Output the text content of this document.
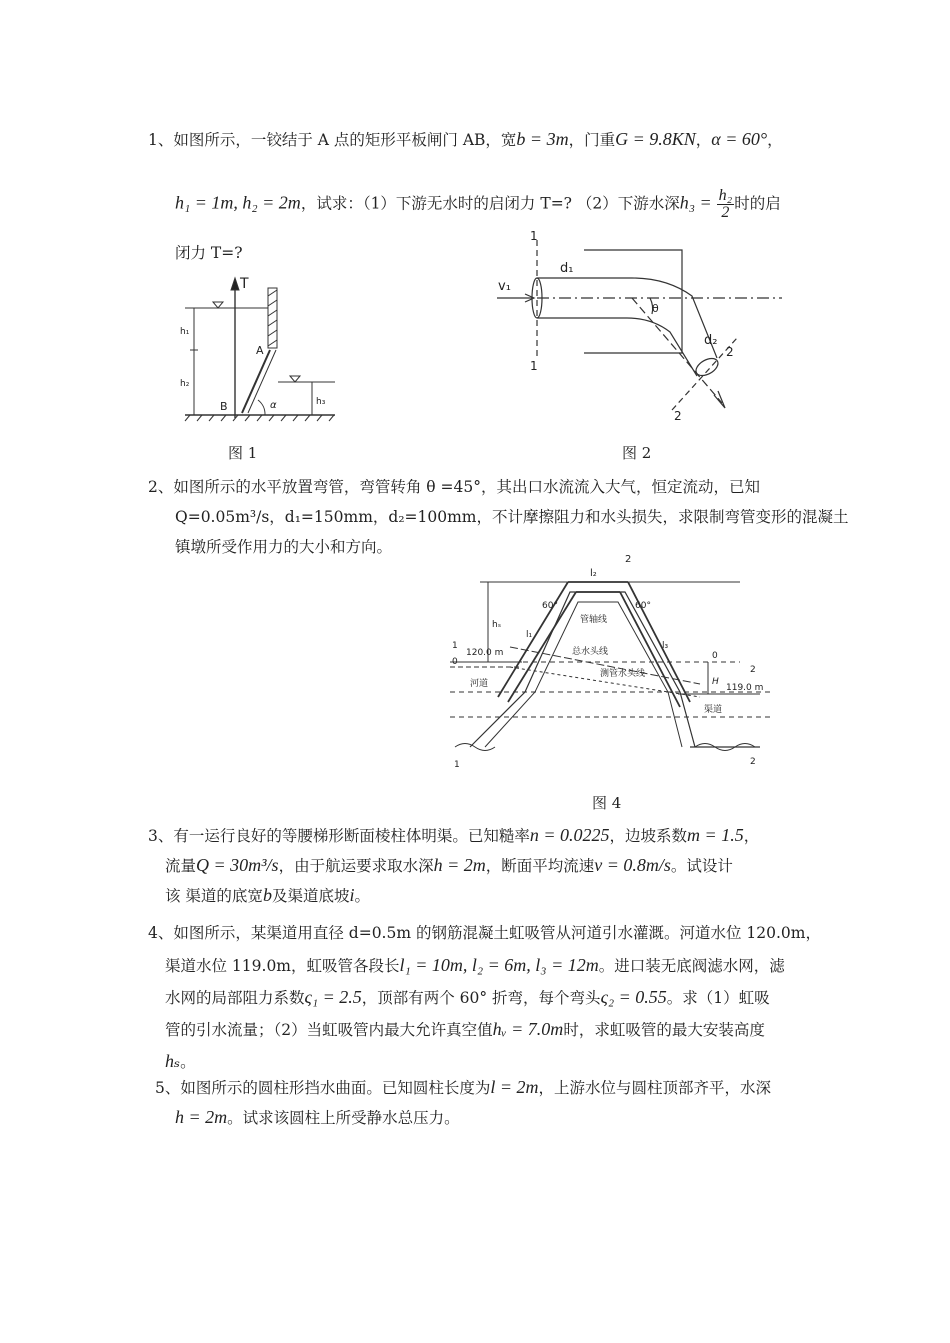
1、如图所示，一铰结于 A 点的矩形平板闸门 AB，宽b = 3m，门重G = 9.8KN，α = 60°，
h₁ = 1m, h₂ = 2m，试求：（1）下游无水时的启闭力 T=? （2）下游水深$h_3 = \frac{\text{h₂}}{2}$ 时的启
闭力 T=?
T
A
B
h₁
h₂
h₃
α
图 1
1
1
d₁
v₁
θ
d₂
2
2
图 2
2、如图所示的水平放置弯管，弯管转角 θ =45°，其出口水流流入大气，恒定流动，已知
Q=0.05m³/s，d₁=150mm，d₂=100mm，不计摩擦阻力和水头损失，求限制弯管变形的混凝土
镇墩所受作用力的大小和方向。
l₂
2
60°	60°
hₛ	管轴线
l₁
l₃
1
120.0 m
0
0
总水头线
测管水头线
H
2
119.0 m
河道
渠道
1	2
图 4
3、有一运行良好的等腰梯形断面棱柱体明渠。已知糙率n = 0.0225，边坡系数m = 1.5，
流量Q = 30m³/s，由于航运要求取水深h = 2m，断面平均流速v = 0.8m/s。试设计
该 渠道的底宽b及渠道底坡i。
4、如图所示，某渠道用直径 d=0.5m 的钢筋混凝土虹吸管从河道引水灌溉。河道水位 120.0m，
渠道水位 119.0m，虹吸管各段长l₁ = 10m, l₂ = 6m, l₃ = 12m。进口装无底阀滤水网，滤
水网的局部阻力系数ς₁ = 2.5，顶部有两个 60° 折弯，每个弯头ς₂ = 0.55。求（1）虹吸
管的引水流量；（2）当虹吸管内最大允许真空值hᵥ = 7.0m时，求虹吸管的最大安装高度
hₛ。
5、如图所示的圆柱形挡水曲面。已知圆柱长度为l = 2m，上游水位与圆柱顶部齐平，水深
h = 2m。试求该圆柱上所受静水总压力。
